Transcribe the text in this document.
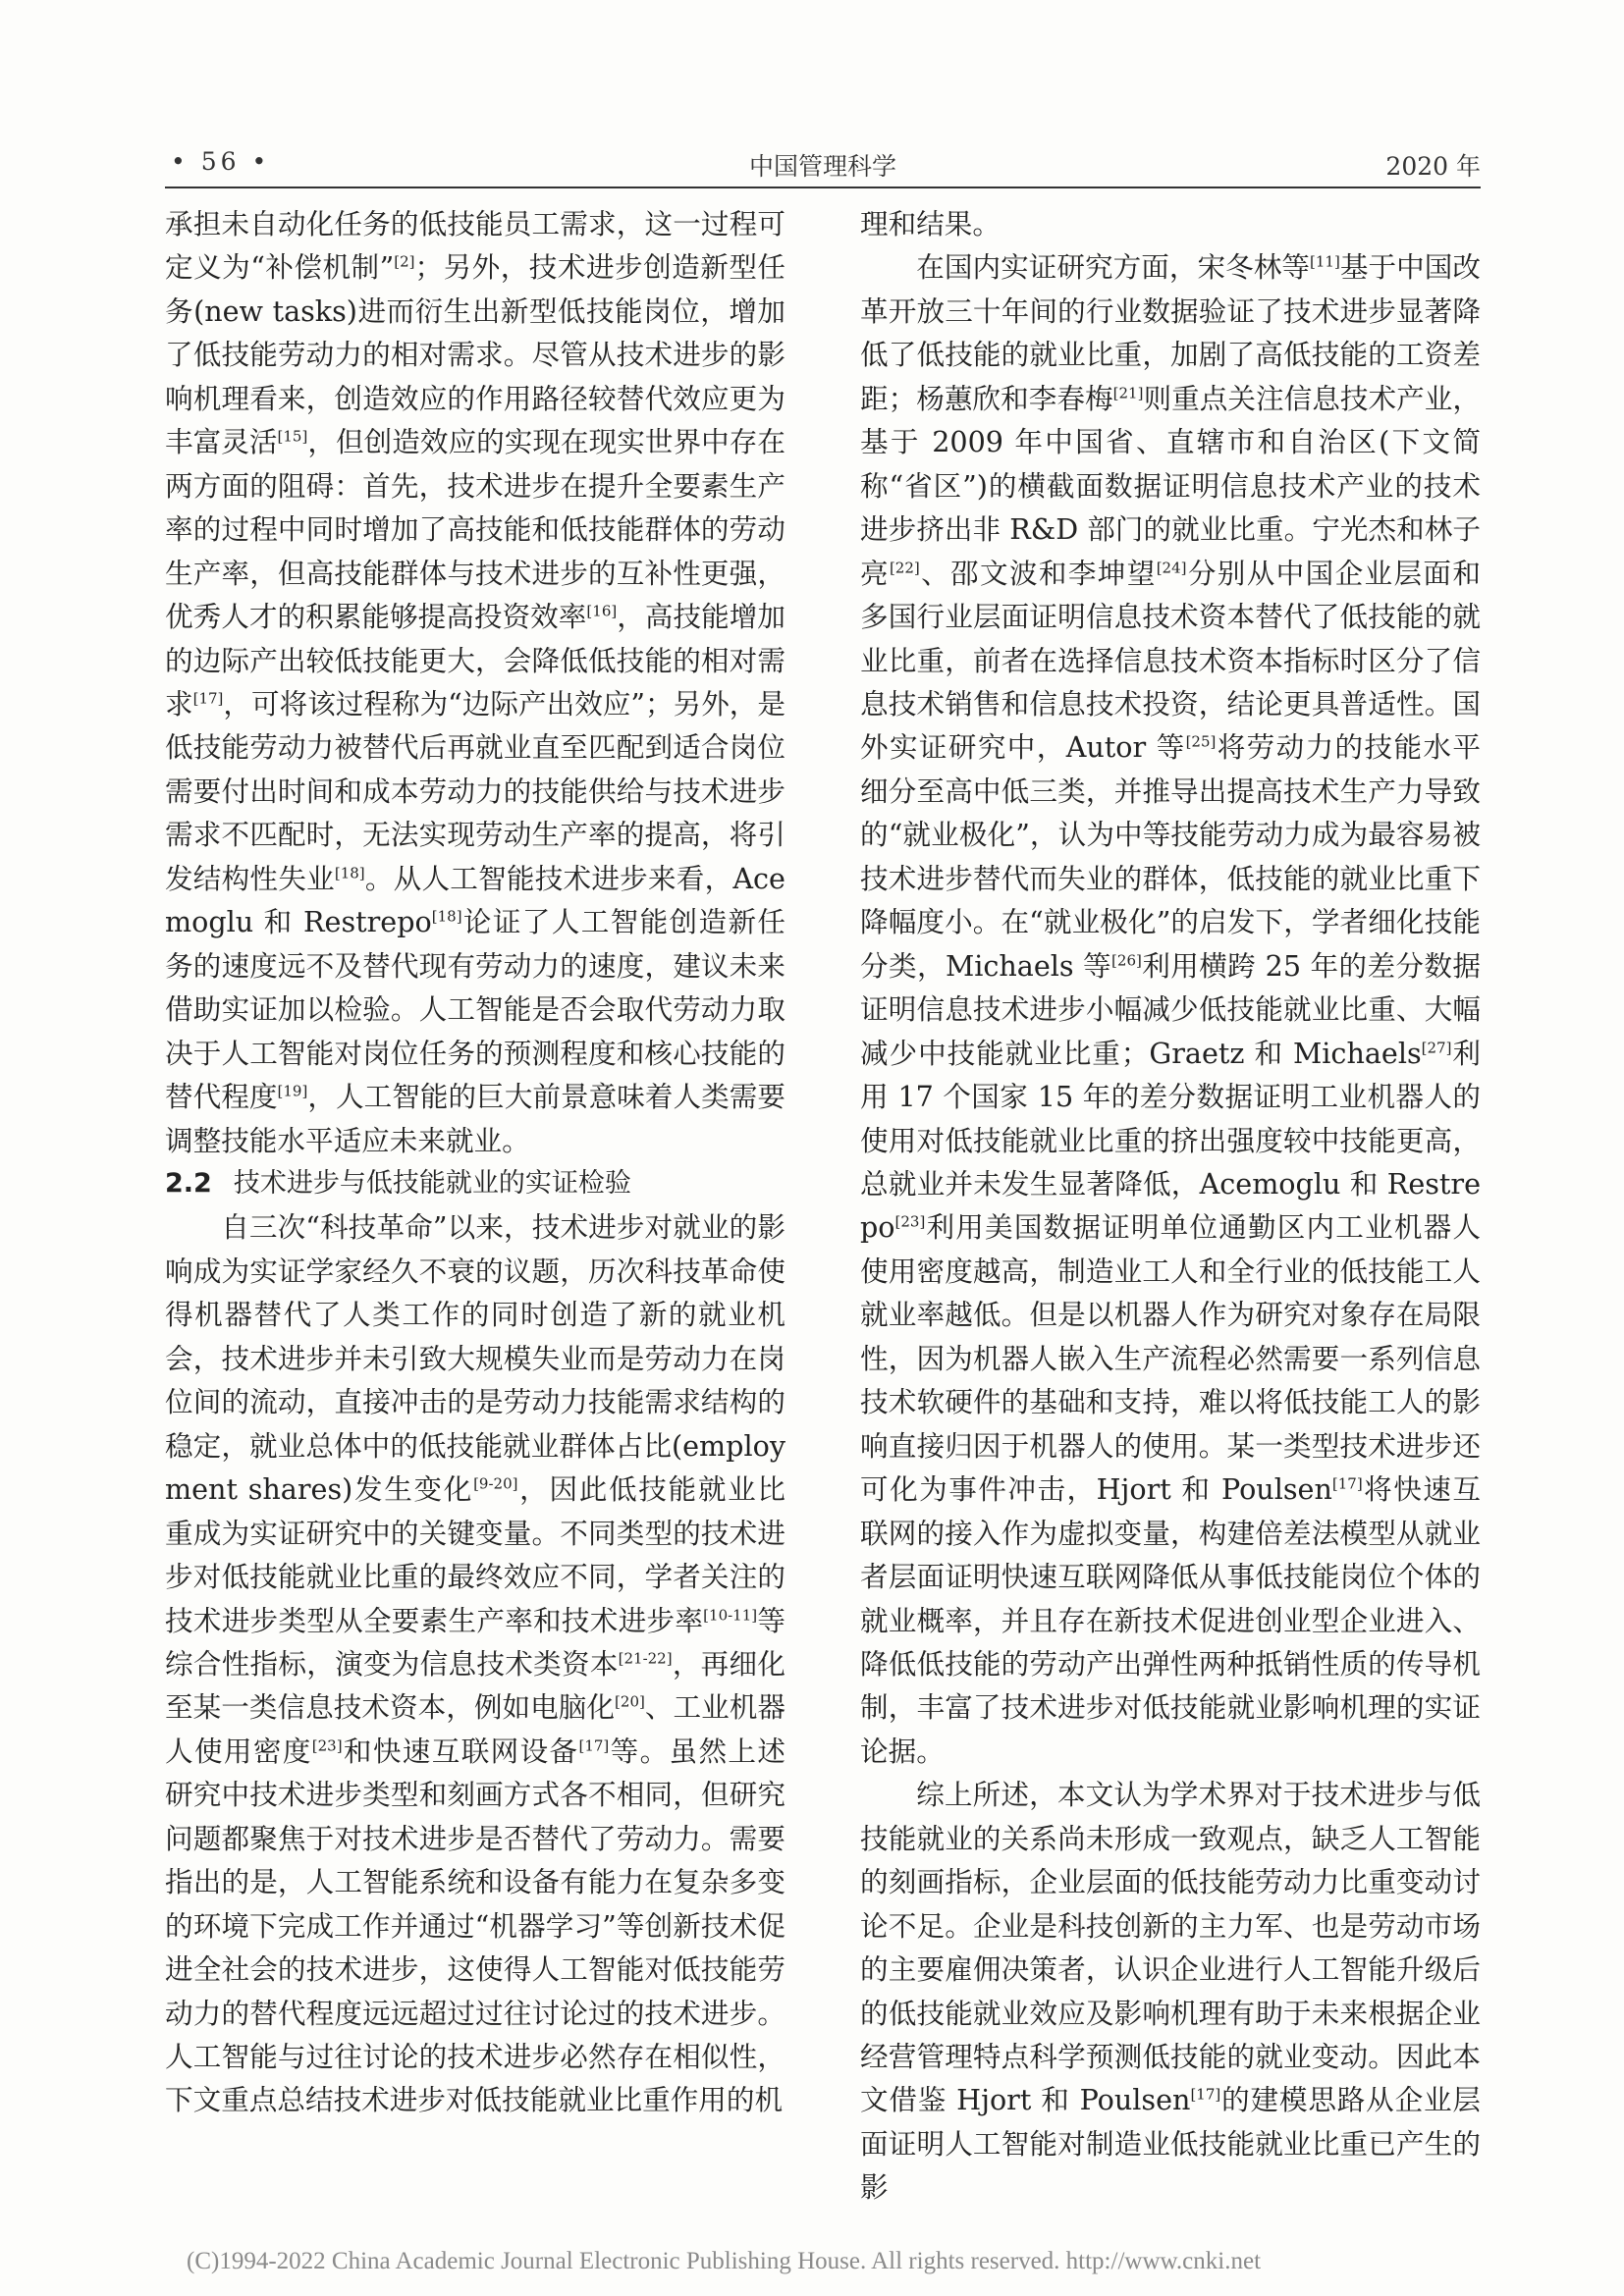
• 56 •	中国管理科学	2020 年

承担未自动化任务的低技能员工需求，这一过程可定义为“补偿机制”[2]；另外，技术进步创造新型任务(new tasks)进而衍生出新型低技能岗位，增加了低技能劳动力的相对需求。尽管从技术进步的影响机理看来，创造效应的作用路径较替代效应更为丰富灵活[15]，但创造效应的实现在现实世界中存在两方面的阻碍：首先，技术进步在提升全要素生产率的过程中同时增加了高技能和低技能群体的劳动生产率，但高技能群体与技术进步的互补性更强，优秀人才的积累能够提高投资效率[16]，高技能增加的边际产出较低技能更大，会降低低技能的相对需求[17]，可将该过程称为“边际产出效应”；另外，是低技能劳动力被替代后再就业直至匹配到适合岗位需要付出时间和成本劳动力的技能供给与技术进步需求不匹配时，无法实现劳动生产率的提高，将引发结构性失业[18]。从人工智能技术进步来看，Acemoglu 和 Restrepo[18]论证了人工智能创造新任务的速度远不及替代现有劳动力的速度，建议未来借助实证加以检验。人工智能是否会取代劳动力取决于人工智能对岗位任务的预测程度和核心技能的替代程度[19]，人工智能的巨大前景意味着人类需要调整技能水平适应未来就业。

2.2 技术进步与低技能就业的实证检验

自三次“科技革命”以来，技术进步对就业的影响成为实证学家经久不衰的议题，历次科技革命使得机器替代了人类工作的同时创造了新的就业机会，技术进步并未引致大规模失业而是劳动力在岗位间的流动，直接冲击的是劳动力技能需求结构的稳定，就业总体中的低技能就业群体占比(employment shares)发生变化[9-20]，因此低技能就业比重成为实证研究中的关键变量。不同类型的技术进步对低技能就业比重的最终效应不同，学者关注的技术进步类型从全要素生产率和技术进步率[10-11]等综合性指标，演变为信息技术类资本[21-22]，再细化至某一类信息技术资本，例如电脑化[20]、工业机器人使用密度[23]和快速互联网设备[17]等。虽然上述研究中技术进步类型和刻画方式各不相同，但研究问题都聚焦于对技术进步是否替代了劳动力。需要指出的是，人工智能系统和设备有能力在复杂多变的环境下完成工作并通过“机器学习”等创新技术促进全社会的技术进步，这使得人工智能对低技能劳动力的替代程度远远超过过往讨论过的技术进步。人工智能与过往讨论的技术进步必然存在相似性，下文重点总结技术进步对低技能就业比重作用的机

理和结果。

在国内实证研究方面，宋冬林等[11]基于中国改革开放三十年间的行业数据验证了技术进步显著降低了低技能的就业比重，加剧了高低技能的工资差距；杨蕙欣和李春梅[21]则重点关注信息技术产业，基于 2009 年中国省、直辖市和自治区(下文简称“省区”)的横截面数据证明信息技术产业的技术进步挤出非 R&D 部门的就业比重。宁光杰和林子亮[22]、邵文波和李坤望[24]分别从中国企业层面和多国行业层面证明信息技术资本替代了低技能的就业比重，前者在选择信息技术资本指标时区分了信息技术销售和信息技术投资，结论更具普适性。国外实证研究中，Autor 等[25]将劳动力的技能水平细分至高中低三类，并推导出提高技术生产力导致的“就业极化”，认为中等技能劳动力成为最容易被技术进步替代而失业的群体，低技能的就业比重下降幅度小。在“就业极化”的启发下，学者细化技能分类，Michaels 等[26]利用横跨 25 年的差分数据证明信息技术进步小幅减少低技能就业比重、大幅减少中技能就业比重；Graetz 和 Michaels[27]利用 17 个国家 15 年的差分数据证明工业机器人的使用对低技能就业比重的挤出强度较中技能更高，总就业并未发生显著降低，Acemoglu 和 Restrepo[23]利用美国数据证明单位通勤区内工业机器人使用密度越高，制造业工人和全行业的低技能工人就业率越低。但是以机器人作为研究对象存在局限性，因为机器人嵌入生产流程必然需要一系列信息技术软硬件的基础和支持，难以将低技能工人的影响直接归因于机器人的使用。某一类型技术进步还可化为事件冲击，Hjort 和 Poulsen[17]将快速互联网的接入作为虚拟变量，构建倍差法模型从就业者层面证明快速互联网降低从事低技能岗位个体的就业概率，并且存在新技术促进创业型企业进入、降低低技能的劳动产出弹性两种抵销性质的传导机制，丰富了技术进步对低技能就业影响机理的实证论据。

综上所述，本文认为学术界对于技术进步与低技能就业的关系尚未形成一致观点，缺乏人工智能的刻画指标，企业层面的低技能劳动力比重变动讨论不足。企业是科技创新的主力军、也是劳动市场的主要雇佣决策者，认识企业进行人工智能升级后的低技能就业效应及影响机理有助于未来根据企业经营管理特点科学预测低技能的就业变动。因此本文借鉴 Hjort 和 Poulsen[17]的建模思路从企业层面证明人工智能对制造业低技能就业比重已产生的影

(C)1994-2022 China Academic Journal Electronic Publishing House. All rights reserved. http://www.cnki.net
